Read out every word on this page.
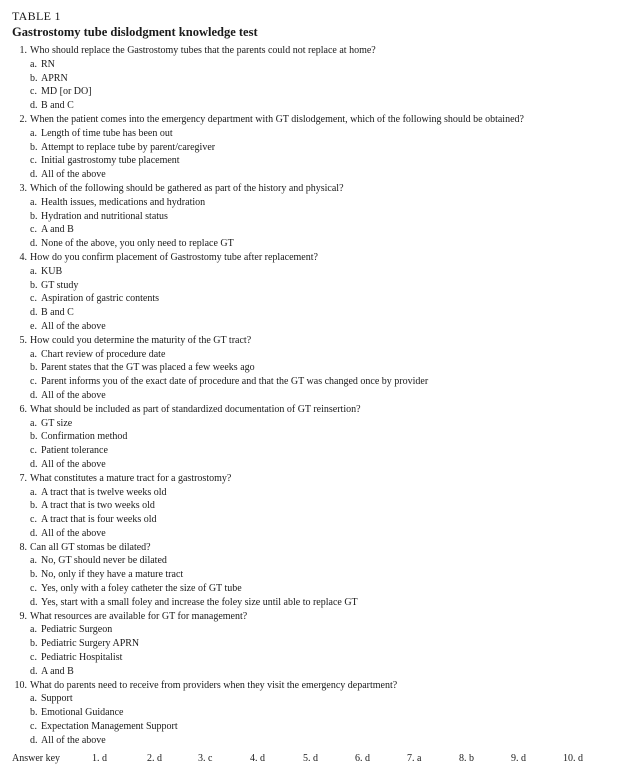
TABLE 1
Gastrostomy tube dislodgment knowledge test
1. Who should replace the Gastrostomy tubes that the parents could not replace at home?
a. RN
b. APRN
c. MD [or DO]
d. B and C
2. When the patient comes into the emergency department with GT dislodgement, which of the following should be obtained?
a. Length of time tube has been out
b. Attempt to replace tube by parent/caregiver
c. Initial gastrostomy tube placement
d. All of the above
3. Which of the following should be gathered as part of the history and physical?
a. Health issues, medications and hydration
b. Hydration and nutritional status
c. A and B
d. None of the above, you only need to replace GT
4. How do you confirm placement of Gastrostomy tube after replacement?
a. KUB
b. GT study
c. Aspiration of gastric contents
d. B and C
e. All of the above
5. How could you determine the maturity of the GT tract?
a. Chart review of procedure date
b. Parent states that the GT was placed a few weeks ago
c. Parent informs you of the exact date of procedure and that the GT was changed once by provider
d. All of the above
6. What should be included as part of standardized documentation of GT reinsertion?
a. GT size
b. Confirmation method
c. Patient tolerance
d. All of the above
7. What constitutes a mature tract for a gastrostomy?
a. A tract that is twelve weeks old
b. A tract that is two weeks old
c. A tract that is four weeks old
d. All of the above
8. Can all GT stomas be dilated?
a. No, GT should never be dilated
b. No, only if they have a mature tract
c. Yes, only with a foley catheter the size of GT tube
d. Yes, start with a small foley and increase the foley size until able to replace GT
9. What resources are available for GT for management?
a. Pediatric Surgeon
b. Pediatric Surgery APRN
c. Pediatric Hospitalist
d. A and B
10. What do parents need to receive from providers when they visit the emergency department?
a. Support
b. Emotional Guidance
c. Expectation Management Support
d. All of the above
Answer key	1. d	2. d	3. c	4. d	5. d	6. d	7. a	8. b	9. d	10. d
